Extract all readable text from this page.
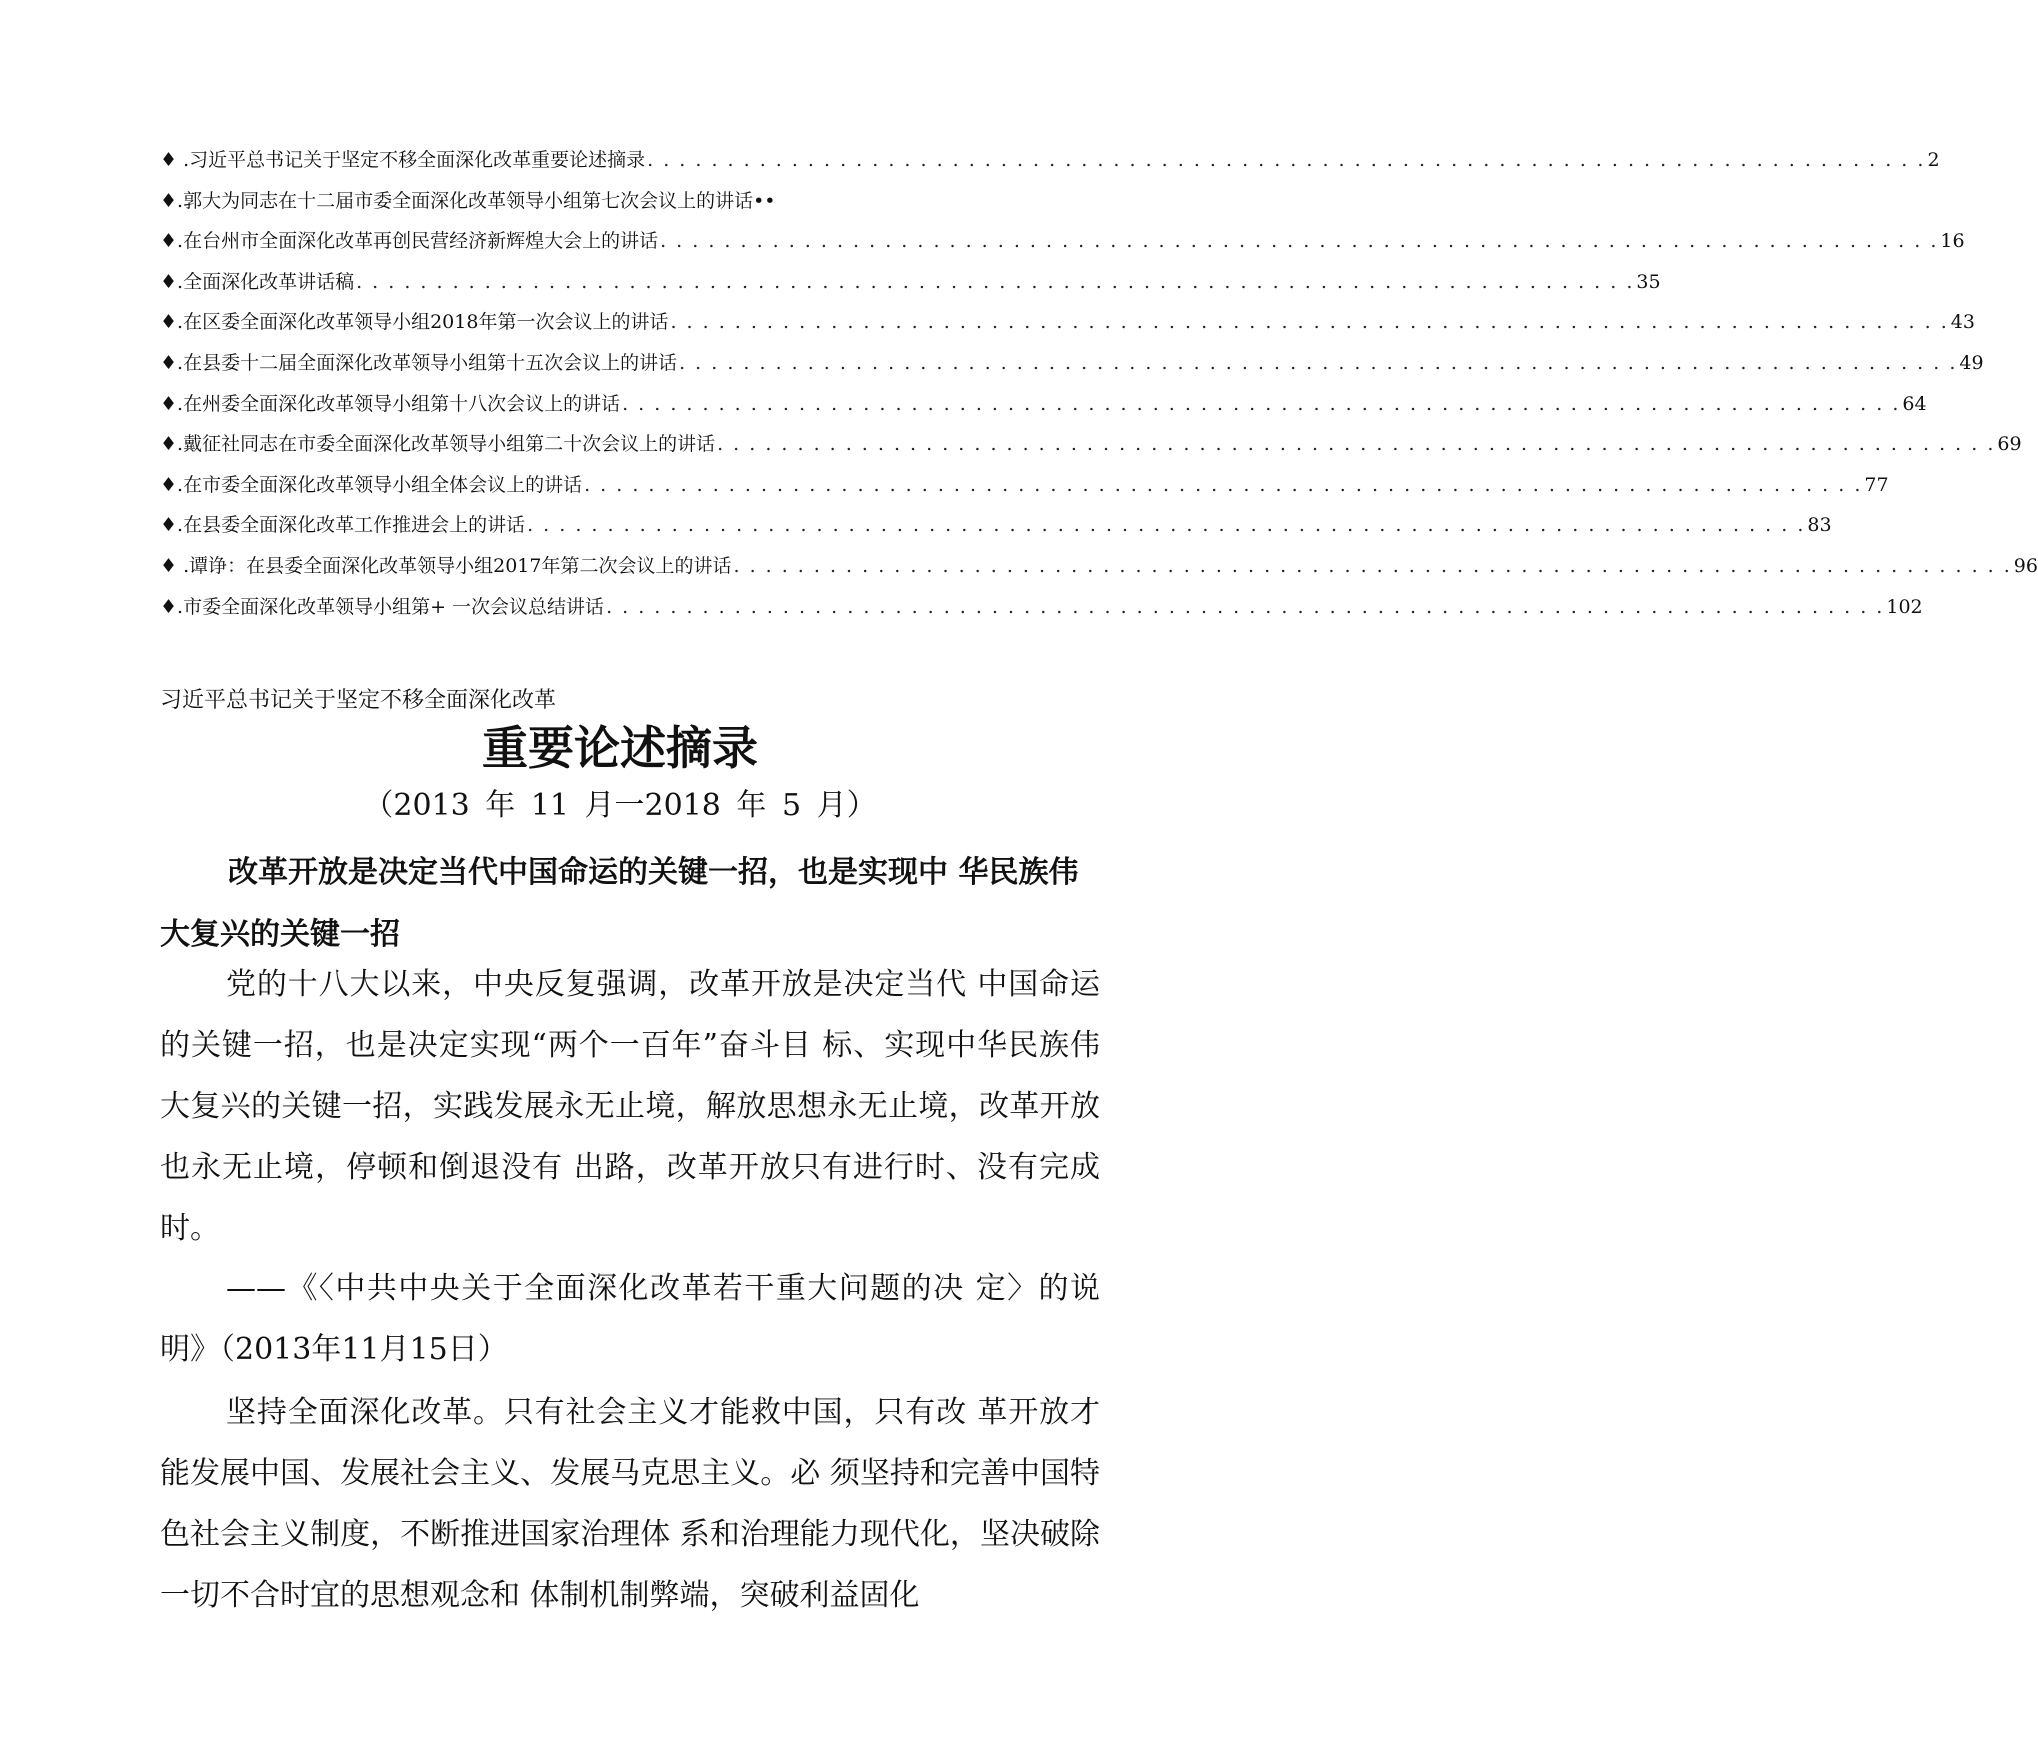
♦ .习近平总书记关于坚定不移全面深化改革重要论述摘录 . . . . . . . . . . . . . . . . . . . . . . . . . . . . . . . . . . . . . . . . . . . . . . . . . . . . . . . . . . . . . . . . . . . . . . . . . . . . . . . . 2
♦.郭大为同志在十二届市委全面深化改革领导小组第七次会议上的讲话••
♦.在台州市全面深化改革再创民营经济新辉煌大会上的讲话 . . . . . . . . . . . . . . . . . . . . . . . . . . . . . . . . . . . . . . . . . . . . . . . . . . . . . . . . . . . . . . . . . . . . . . . . . . . . . . . . 16
♦.全面深化改革讲话稿 . . . . . . . . . . . . . . . . . . . . . . . . . . . . . . . . . . . . . . . . . . . . . . . . . . . . . . . . . . . . . . . . . . . . . . . . . . . . . . . . 35
♦.在区委全面深化改革领导小组2018年第一次会议上的讲话 . . . . . . . . . . . . . . . . . . . . . . . . . . . . . . . . . . . . . . . . . . . . . . . . . . . . . . . . . . . . . . . . . . . . . . . . . . . . . . . . 43
♦.在县委十二届全面深化改革领导小组第十五次会议上的讲话 . . . . . . . . . . . . . . . . . . . . . . . . . . . . . . . . . . . . . . . . . . . . . . . . . . . . . . . . . . . . . . . . . . . . . . . . . . . . . . . . 49
♦.在州委全面深化改革领导小组第十八次会议上的讲话 . . . . . . . . . . . . . . . . . . . . . . . . . . . . . . . . . . . . . . . . . . . . . . . . . . . . . . . . . . . . . . . . . . . . . . . . . . . . . . . . 64
♦.戴征社同志在市委全面深化改革领导小组第二十次会议上的讲话 . . . . . . . . . . . . . . . . . . . . . . . . . . . . . . . . . . . . . . . . . . . . . . . . . . . . . . . . . . . . . . . . . . . . . . . . . . . . . . . . 69
♦.在市委全面深化改革领导小组全体会议上的讲话 . . . . . . . . . . . . . . . . . . . . . . . . . . . . . . . . . . . . . . . . . . . . . . . . . . . . . . . . . . . . . . . . . . . . . . . . . . . . . . . . 77
♦.在县委全面深化改革工作推进会上的讲话 . . . . . . . . . . . . . . . . . . . . . . . . . . . . . . . . . . . . . . . . . . . . . . . . . . . . . . . . . . . . . . . . . . . . . . . . . . . . . . . . 83
♦ .谭诤：在县委全面深化改革领导小组2017年第二次会议上的讲话 . . . . . . . . . . . . . . . . . . . . . . . . . . . . . . . . . . . . . . . . . . . . . . . . . . . . . . . . . . . . . . . . . . . . . . . . . . . . . . . . 96
♦.市委全面深化改革领导小组第+ 一次会议总结讲话 . . . . . . . . . . . . . . . . . . . . . . . . . . . . . . . . . . . . . . . . . . . . . . . . . . . . . . . . . . . . . . . . . . . . . . . . . . . . . . . . 102
习近平总书记关于坚定不移全面深化改革
重要论述摘录
（2013 年 11 月一2018 年 5 月）

改革开放是决定当代中国命运的关键一招，也是实现中 华民族伟大复兴的关键一招

党的十八大以来，中央反复强调，改革开放是决定当代 中国命运的关键一招，也是决定实现“两个一百年”奋斗目 标、实现中华民族伟大复兴的关键一招，实践发展永无止境，解放思想永无止境，改革开放也永无止境，停顿和倒退没有 出路，改革开放只有进行时、没有完成时。

——《〈中共中央关于全面深化改革若干重大问题的决 定〉的说明》（2013年11月15日）

坚持全面深化改革。只有社会主义才能救中国，只有改 革开放才能发展中国、发展社会主义、发展马克思主义。必 须坚持和完善中国特色社会主义制度，不断推进国家治理体 系和治理能力现代化，坚决破除一切不合时宜的思想观念和 体制机制弊端，突破利益固化
